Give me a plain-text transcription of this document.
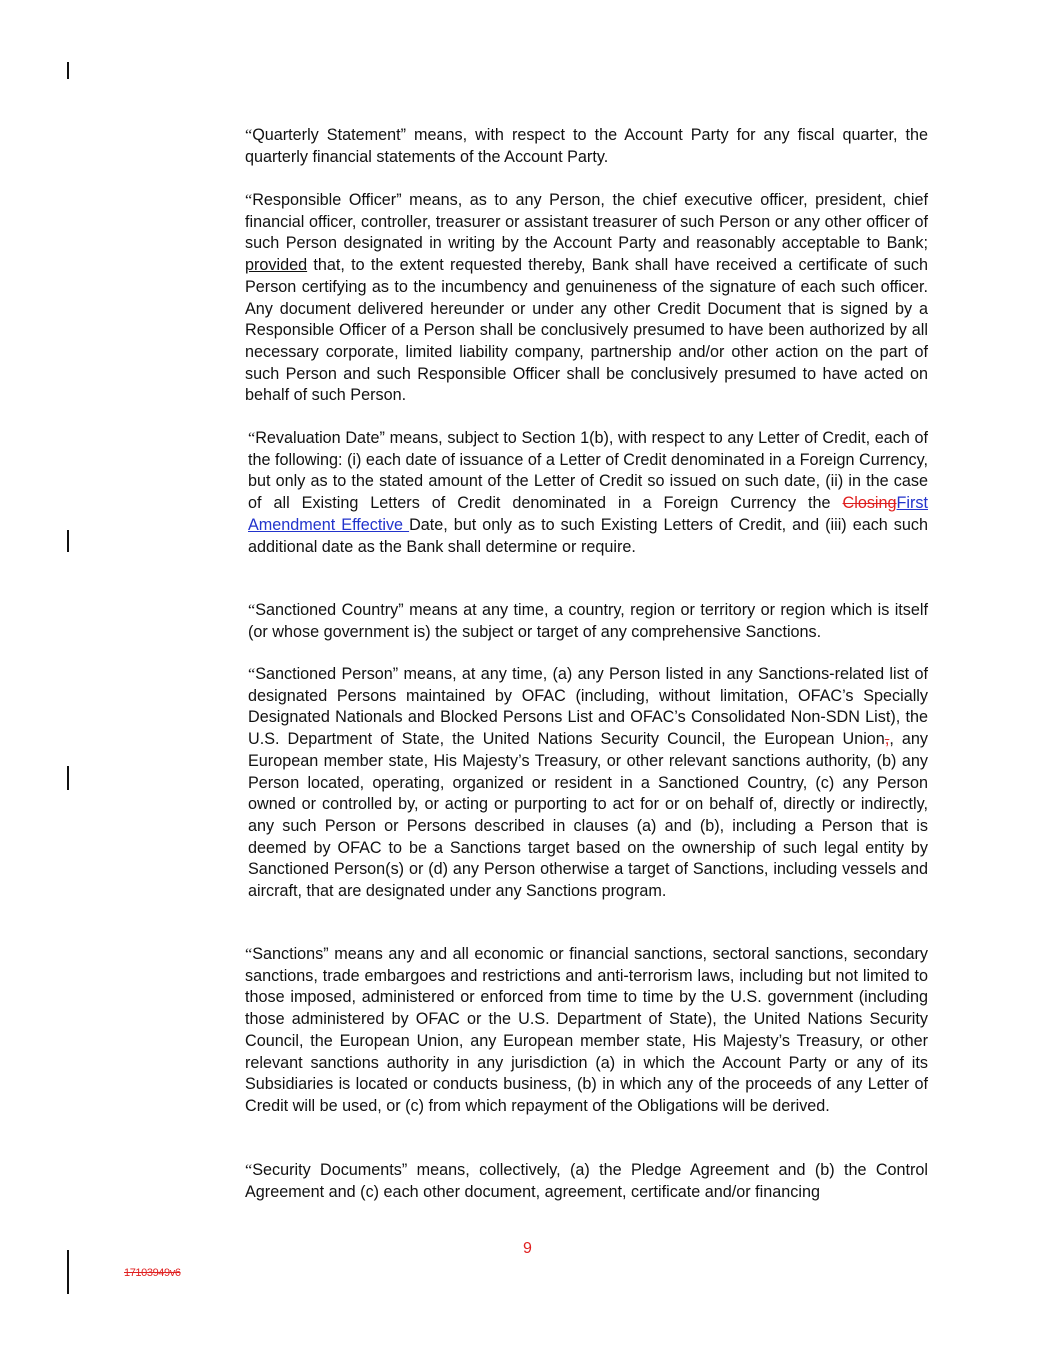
“Quarterly Statement” means, with respect to the Account Party for any fiscal quarter, the quarterly financial statements of the Account Party.

“Responsible Officer” means, as to any Person, the chief executive officer, president, chief financial officer, controller, treasurer or assistant treasurer of such Person or any other officer of such Person designated in writing by the Account Party and reasonably acceptable to Bank; provided that, to the extent requested thereby, Bank shall have received a certificate of such Person certifying as to the incumbency and genuineness of the signature of each such officer. Any document delivered hereunder or under any other Credit Document that is signed by a Responsible Officer of a Person shall be conclusively presumed to have been authorized by all necessary corporate, limited liability company, partnership and/or other action on the part of such Person and such Responsible Officer shall be conclusively presumed to have acted on behalf of such Person.

“Revaluation Date” means, subject to Section 1(b), with respect to any Letter of Credit, each of the following: (i) each date of issuance of a Letter of Credit denominated in a Foreign Currency, but only as to the stated amount of the Letter of Credit so issued on such date, (ii) in the case of all Existing Letters of Credit denominated in a Foreign Currency the ClosingFirst Amendment Effective Date, but only as to such Existing Letters of Credit, and (iii) each such additional date as the Bank shall determine or require.

“Sanctioned Country” means at any time, a country, region or territory or region which is itself (or whose government is) the subject or target of any comprehensive Sanctions.

“Sanctioned Person” means, at any time, (a) any Person listed in any Sanctions-related list of designated Persons maintained by OFAC (including, without limitation, OFAC’s Specially Designated Nationals and Blocked Persons List and OFAC’s Consolidated Non-SDN List), the U.S. Department of State, the United Nations Security Council, the European Union,, any European member state, His Majesty’s Treasury, or other relevant sanctions authority, (b) any Person located, operating, organized or resident in a Sanctioned Country, (c) any Person owned or controlled by, or acting or purporting to act for or on behalf of, directly or indirectly, any such Person or Persons described in clauses (a) and (b), including a Person that is deemed by OFAC to be a Sanctions target based on the ownership of such legal entity by Sanctioned Person(s) or (d) any Person otherwise a target of Sanctions, including vessels and aircraft, that are designated under any Sanctions program.

“Sanctions” means any and all economic or financial sanctions, sectoral sanctions, secondary sanctions, trade embargoes and restrictions and anti-terrorism laws, including but not limited to those imposed, administered or enforced from time to time by the U.S. government (including those administered by OFAC or the U.S. Department of State), the United Nations Security Council, the European Union, any European member state, His Majesty’s Treasury, or other relevant sanctions authority in any jurisdiction (a) in which the Account Party or any of its Subsidiaries is located or conducts business, (b) in which any of the proceeds of any Letter of Credit will be used, or (c) from which repayment of the Obligations will be derived.

“Security Documents” means, collectively, (a) the Pledge Agreement and (b) the Control Agreement and (c) each other document, agreement, certificate and/or financing

9
17103949v6
